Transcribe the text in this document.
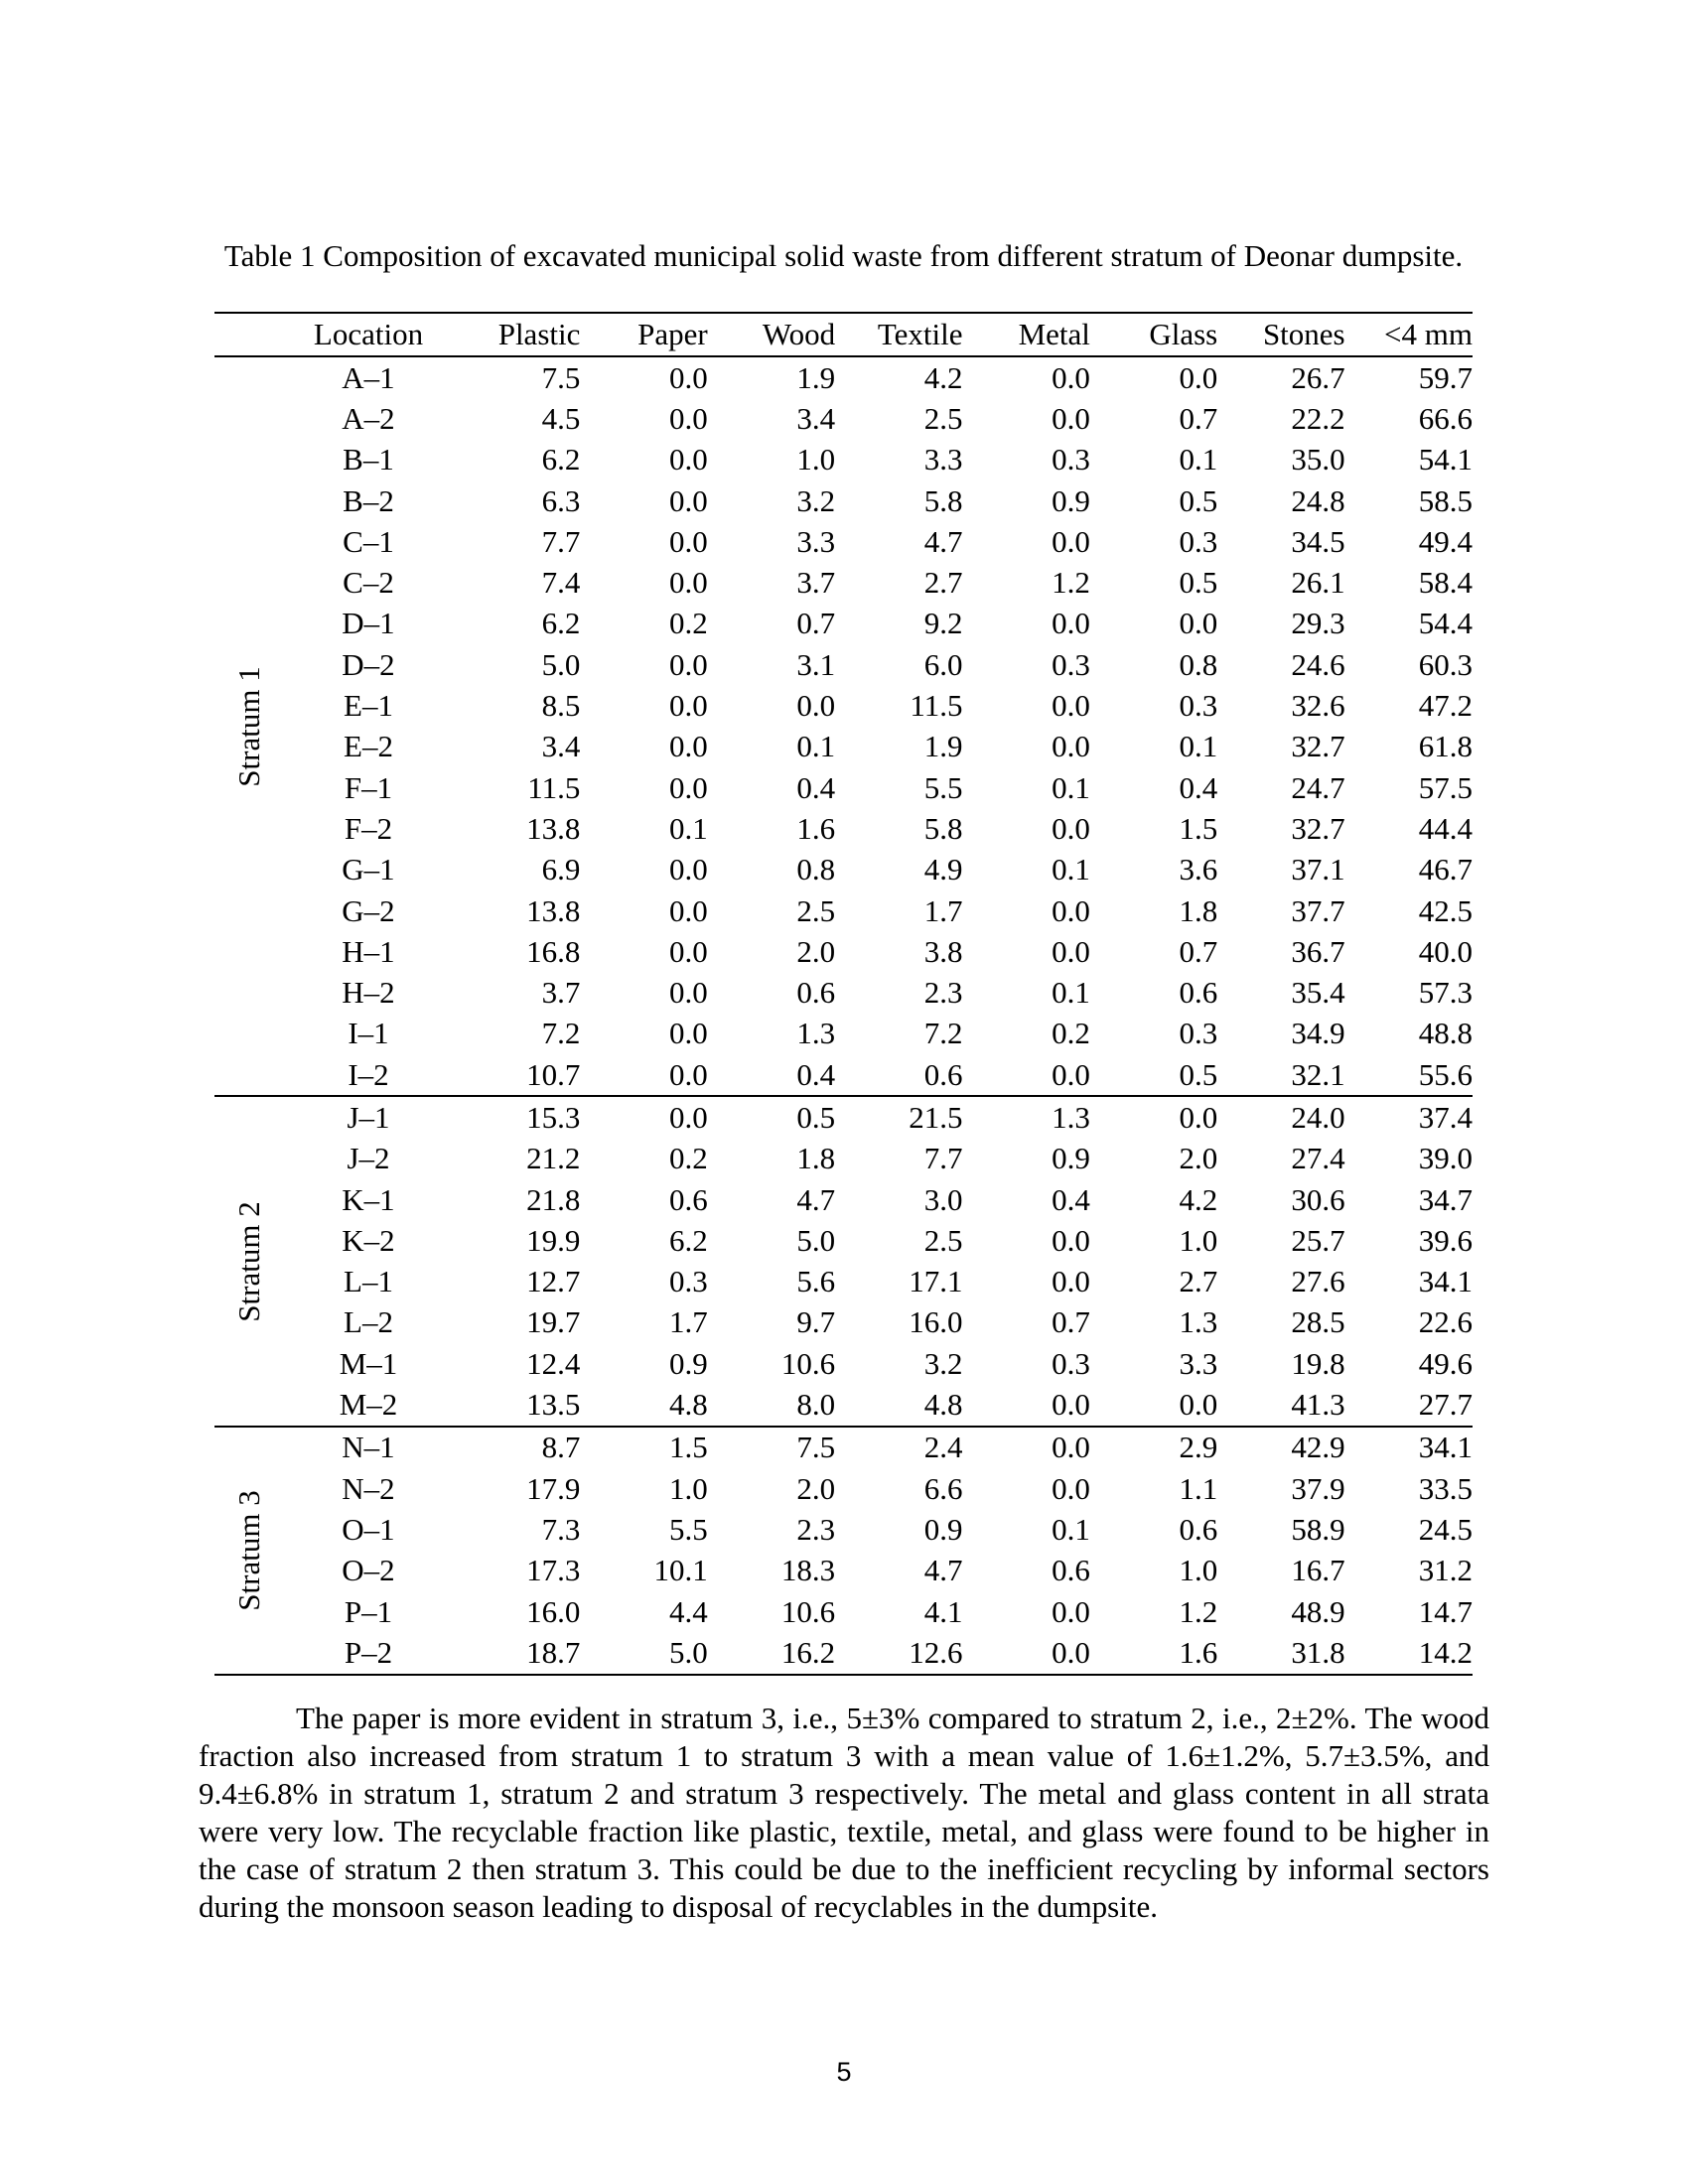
Table 1 Composition of excavated municipal solid waste from different stratum of Deonar dumpsite.
	Location	Plastic	Paper	Wood	Textile	Metal	Glass	Stones	<4 mm

Stratum 1	A–1	7.5	0.0	1.9	4.2	0.0	0.0	26.7	59.7
	A–2	4.5	0.0	3.4	2.5	0.0	0.7	22.2	66.6
	B–1	6.2	0.0	1.0	3.3	0.3	0.1	35.0	54.1
	B–2	6.3	0.0	3.2	5.8	0.9	0.5	24.8	58.5
	C–1	7.7	0.0	3.3	4.7	0.0	0.3	34.5	49.4
	C–2	7.4	0.0	3.7	2.7	1.2	0.5	26.1	58.4
	D–1	6.2	0.2	0.7	9.2	0.0	0.0	29.3	54.4
	D–2	5.0	0.0	3.1	6.0	0.3	0.8	24.6	60.3
	E–1	8.5	0.0	0.0	11.5	0.0	0.3	32.6	47.2
	E–2	3.4	0.0	0.1	1.9	0.0	0.1	32.7	61.8
	F–1	11.5	0.0	0.4	5.5	0.1	0.4	24.7	57.5
	F–2	13.8	0.1	1.6	5.8	0.0	1.5	32.7	44.4
	G–1	6.9	0.0	0.8	4.9	0.1	3.6	37.1	46.7
	G–2	13.8	0.0	2.5	1.7	0.0	1.8	37.7	42.5
	H–1	16.8	0.0	2.0	3.8	0.0	0.7	36.7	40.0
	H–2	3.7	0.0	0.6	2.3	0.1	0.6	35.4	57.3
	I–1	7.2	0.0	1.3	7.2	0.2	0.3	34.9	48.8
	I–2	10.7	0.0	0.4	0.6	0.0	0.5	32.1	55.6

Stratum 2	J–1	15.3	0.0	0.5	21.5	1.3	0.0	24.0	37.4
	J–2	21.2	0.2	1.8	7.7	0.9	2.0	27.4	39.0
	K–1	21.8	0.6	4.7	3.0	0.4	4.2	30.6	34.7
	K–2	19.9	6.2	5.0	2.5	0.0	1.0	25.7	39.6
	L–1	12.7	0.3	5.6	17.1	0.0	2.7	27.6	34.1
	L–2	19.7	1.7	9.7	16.0	0.7	1.3	28.5	22.6
	M–1	12.4	0.9	10.6	3.2	0.3	3.3	19.8	49.6
	M–2	13.5	4.8	8.0	4.8	0.0	0.0	41.3	27.7

Stratum 3	N–1	8.7	1.5	7.5	2.4	0.0	2.9	42.9	34.1
	N–2	17.9	1.0	2.0	6.6	0.0	1.1	37.9	33.5
	O–1	7.3	5.5	2.3	0.9	0.1	0.6	58.9	24.5
	O–2	17.3	10.1	18.3	4.7	0.6	1.0	16.7	31.2
	P–1	16.0	4.4	10.6	4.1	0.0	1.2	48.9	14.7
	P–2	18.7	5.0	16.2	12.6	0.0	1.6	31.8	14.2

The paper is more evident in stratum 3, i.e., 5±3% compared to stratum 2, i.e., 2±2%. The wood fraction also increased from stratum 1 to stratum 3 with a mean value of 1.6±1.2%, 5.7±3.5%, and 9.4±6.8% in stratum 1, stratum 2 and stratum 3 respectively. The metal and glass content in all strata were very low. The recyclable fraction like plastic, textile, metal, and glass were found to be higher in the case of stratum 2 then stratum 3. This could be due to the inefficient recycling by informal sectors during the monsoon season leading to disposal of recyclables in the dumpsite.

5
